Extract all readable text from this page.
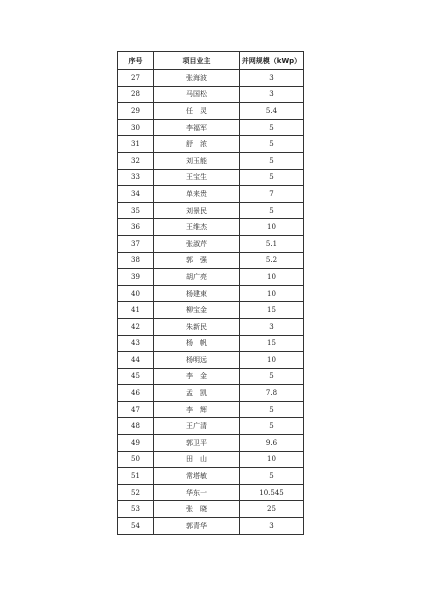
序号	项目业主	并网规模（kWp）
27	张海波	3
28	马国松	3
29	任　灵	5.4
30	李福军	5
31	舒　浓	5
32	刘玉能	5
33	王宝生	5
34	单来贵	7
35	刘景民	5
36	王维杰	10
37	张淑芹	5.1
38	郭　强	5.2
39	胡广亮	10
40	杨建束	10
41	柳宝金	15
42	朱新民	3
43	杨　帆	15
44	杨明远	10
45	李　金	5
46	孟　凯	7.8
47	李　辉	5
48	王广清	5
49	郭卫平	9.6
50	田　山	10
51	常塔敏	5
52	华东一	10.545
53	张　晓	25
54	郭青华	3
